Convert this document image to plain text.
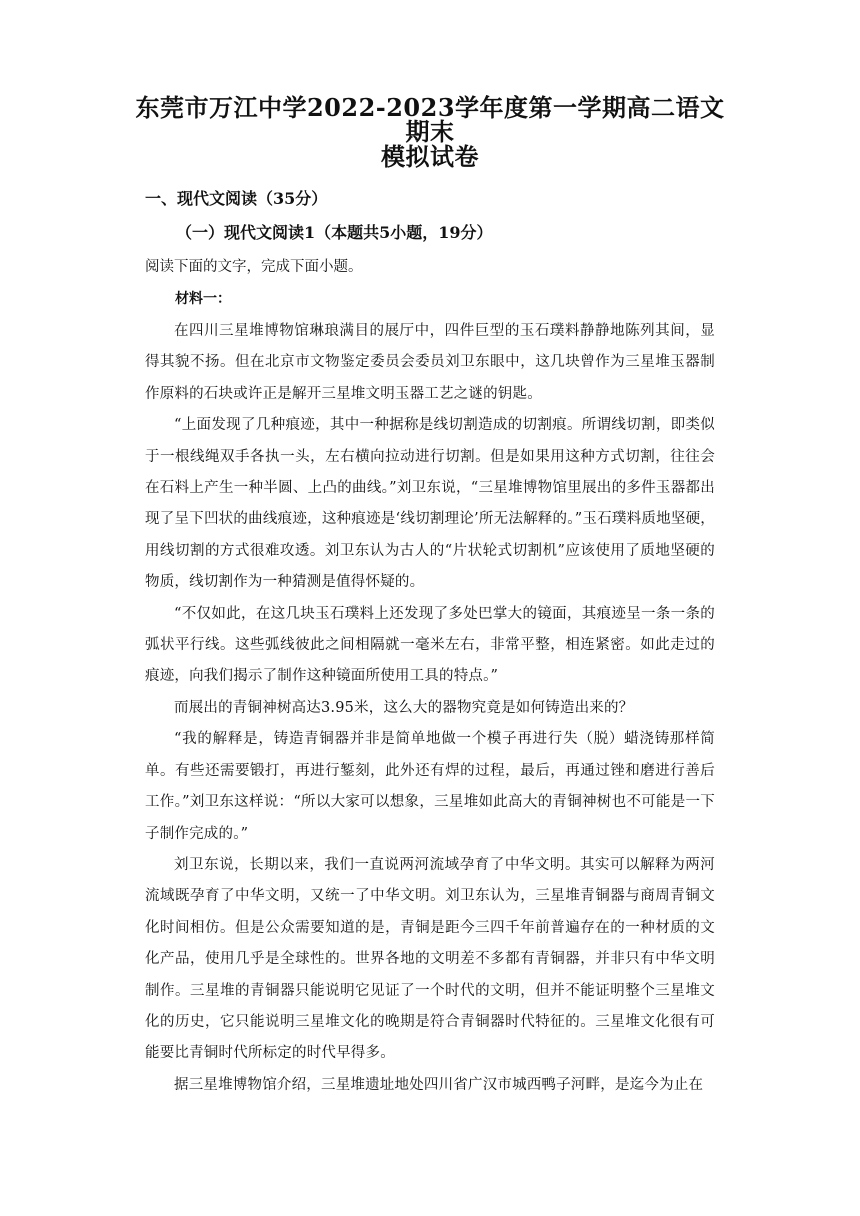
东莞市万江中学2022-2023学年度第一学期高二语文期末
模拟试卷
一、现代文阅读（35分）
（一）现代文阅读1（本题共5小题，19分）
阅读下面的文字，完成下面小题。
材料一：

在四川三星堆博物馆琳琅满目的展厅中，四件巨型的玉石璞料静静地陈列其间，显得其貌不扬。但在北京市文物鉴定委员会委员刘卫东眼中，这几块曾作为三星堆玉器制作原料的石块或许正是解开三星堆文明玉器工艺之谜的钥匙。

“上面发现了几种痕迹，其中一种据称是线切割造成的切割痕。所谓线切割，即类似于一根线绳双手各执一头，左右横向拉动进行切割。但是如果用这种方式切割，往往会在石料上产生一种半圆、上凸的曲线。”刘卫东说，“三星堆博物馆里展出的多件玉器都出现了呈下凹状的曲线痕迹，这种痕迹是‘线切割理论’所无法解释的。”玉石璞料质地坚硬，用线切割的方式很难攻透。刘卫东认为古人的“片状轮式切割机”应该使用了质地坚硬的物质，线切割作为一种猜测是值得怀疑的。

“不仅如此，在这几块玉石璞料上还发现了多处巴掌大的镜面，其痕迹呈一条一条的弧状平行线。这些弧线彼此之间相隔就一毫米左右，非常平整，相连紧密。如此走过的痕迹，向我们揭示了制作这种镜面所使用工具的特点。”

而展出的青铜神树高达3.95米，这么大的器物究竟是如何铸造出来的？

“我的解释是，铸造青铜器并非是简单地做一个模子再进行失（脱）蜡浇铸那样简单。有些还需要锻打，再进行錾刻，此外还有焊的过程，最后，再通过锉和磨进行善后工作。”刘卫东这样说：“所以大家可以想象，三星堆如此高大的青铜神树也不可能是一下子制作完成的。”

刘卫东说，长期以来，我们一直说两河流域孕育了中华文明。其实可以解释为两河流域既孕育了中华文明，又统一了中华文明。刘卫东认为，三星堆青铜器与商周青铜文化时间相仿。但是公众需要知道的是，青铜是距今三四千年前普遍存在的一种材质的文化产品，使用几乎是全球性的。世界各地的文明差不多都有青铜器，并非只有中华文明制作。三星堆的青铜器只能说明它见证了一个时代的文明，但并不能证明整个三星堆文化的历史，它只能说明三星堆文化的晚期是符合青铜器时代特征的。三星堆文化很有可能要比青铜时代所标定的时代早得多。

据三星堆博物馆介绍，三星堆遗址地处四川省广汉市城西鸭子河畔，是迄今为止在
